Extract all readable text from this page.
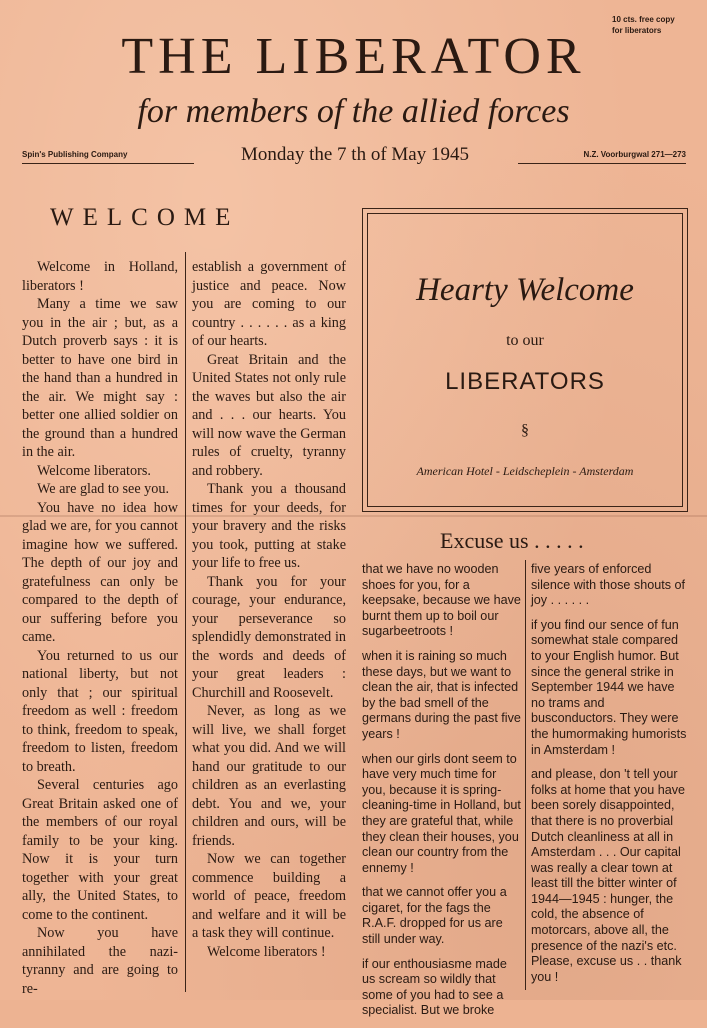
10 cts. free copy
for liberators
THE LIBERATOR
for members of the allied forces
Spin's Publishing Company	Monday the 7 th of May 1945	N.Z. Voorburgwal 271—273
WELCOME

Welcome in Holland, liberators !

Many a time we saw you in the air ; but, as a Dutch proverb says : it is better to have one bird in the hand than a hundred in the air. We might say : better one allied soldier on the ground than a hundred in the air.

Welcome liberators.

We are glad to see you.

You have no idea how glad we are, for you cannot imagine how we suffered. The depth of our joy and gratefulness can only be compared to the depth of our suffering before you came.

You returned to us our national liberty, but not only that ; our spiritual freedom as well : freedom to think, freedom to speak, freedom to listen, freedom to breath.

Several centuries ago Great Britain asked one of the members of our royal family to be your king. Now it is your turn together with your great ally, the United States, to come to the continent.

Now you have annihilated the nazi-tyranny and are going to re-

establish a government of justice and peace. Now you are coming to our country . . . . . . as a king of our hearts.

Great Britain and the United States not only rule the waves but also the air and . . . our hearts. You will now wave the German rules of cruelty, tyranny and robbery.

Thank you a thousand times for your deeds, for your bravery and the risks you took, putting at stake your life to free us.

Thank you for your courage, your endurance, your perseverance so splendidly demonstrated in the words and deeds of your great leaders : Churchill and Roosevelt.

Never, as long as we will live, we shall forget what you did. And we will hand our gratitude to our children as an everlasting debt. You and we, your children and ours, will be friends.

Now we can together commence building a world of peace, freedom and welfare and it will be a task they will continue.

Welcome liberators !

Hearty Welcome
to our
LIBERATORS
§
American Hotel - Leidscheplein - Amsterdam
Excuse us . . . . .

that we have no wooden shoes for you, for a keepsake, because we have burnt them up to boil our sugarbeetroots !

when it is raining so much these days, but we want to clean the air, that is infected by the bad smell of the germans during the past five years !

when our girls dont seem to have very much time for you, because it is spring-cleaning-time in Holland, but they are grateful that, while they clean their houses, you clean our country from the ennemy !

that we cannot offer you a cigaret, for the fags the R.A.F. dropped for us are still under way.

if our enthousiasme made us scream so wildly that some of you had to see a specialist. But we broke

five years of enforced silence with those shouts of joy . . . . . .

if you find our sence of fun somewhat stale compared to your English humor. But since the general strike in September 1944 we have no trams and busconductors. They were the humormaking humorists in Amsterdam !

and please, don 't tell your folks at home that you have been sorely disappointed, that there is no proverbial Dutch cleanliness at all in Amsterdam . . . Our capital was really a clear town at least till the bitter winter of 1944—1945 : hunger, the cold, the absence of motorcars, above all, the presence of the nazi's etc. Please, excuse us . . thank you !
